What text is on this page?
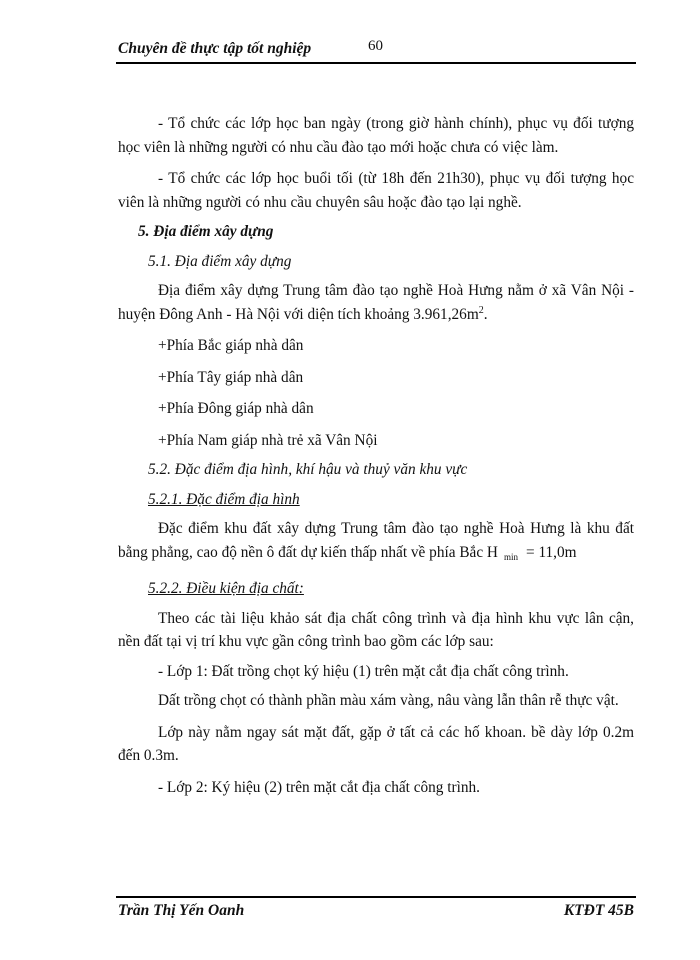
Chuyên đề thực tập tốt nghiệp	60

- Tổ chức các lớp học ban ngày (trong giờ hành chính), phục vụ đối tượng học viên là những người có nhu cầu đào tạo mới hoặc chưa có việc làm.

- Tổ chức các lớp học buổi tối (từ 18h đến 21h30), phục vụ đối tượng học viên là những người có nhu cầu chuyên sâu hoặc đào tạo lại nghề.

5. Địa điểm xây dựng

5.1. Địa điểm xây dựng

Địa điểm xây dựng Trung tâm đào tạo nghề Hoà Hưng nằm ở xã Vân Nội - huyện Đông Anh - Hà Nội với diện tích khoảng $3.961,26m^2$.

+Phía Bắc giáp nhà dân

+Phía Tây giáp nhà dân

+Phía Đông giáp nhà dân

+Phía Nam giáp nhà trẻ xã Vân Nội

5.2. Đặc điểm địa hình, khí hậu và thuỷ văn khu vực

5.2.1. Đặc điểm địa hình

Đặc điểm khu đất xây dựng Trung tâm đào tạo nghề Hoà Hưng là khu đất bằng phẳng, cao độ nền ô đất dự kiến thấp nhất về phía Bắc H min = 11,0m

5.2.2. Điều kiện địa chất:

Theo các tài liệu khảo sát địa chất công trình và địa hình khu vực lân cận, nền đất tại vị trí khu vực gần công trình bao gồm các lớp sau:

- Lớp 1: Đất trồng chọt ký hiệu (1) trên mặt cắt địa chất công trình.

Dất trồng chọt có thành phần màu xám vàng, nâu vàng lẫn thân rễ thực vật.

Lớp này nằm ngay sát mặt đất, gặp ở tất cả các hố khoan. bề dày lớp 0.2m đến 0.3m.

- Lớp 2: Ký hiệu (2) trên mặt cắt địa chất công trình.

Trần Thị Yến Oanh	KTĐT 45B
